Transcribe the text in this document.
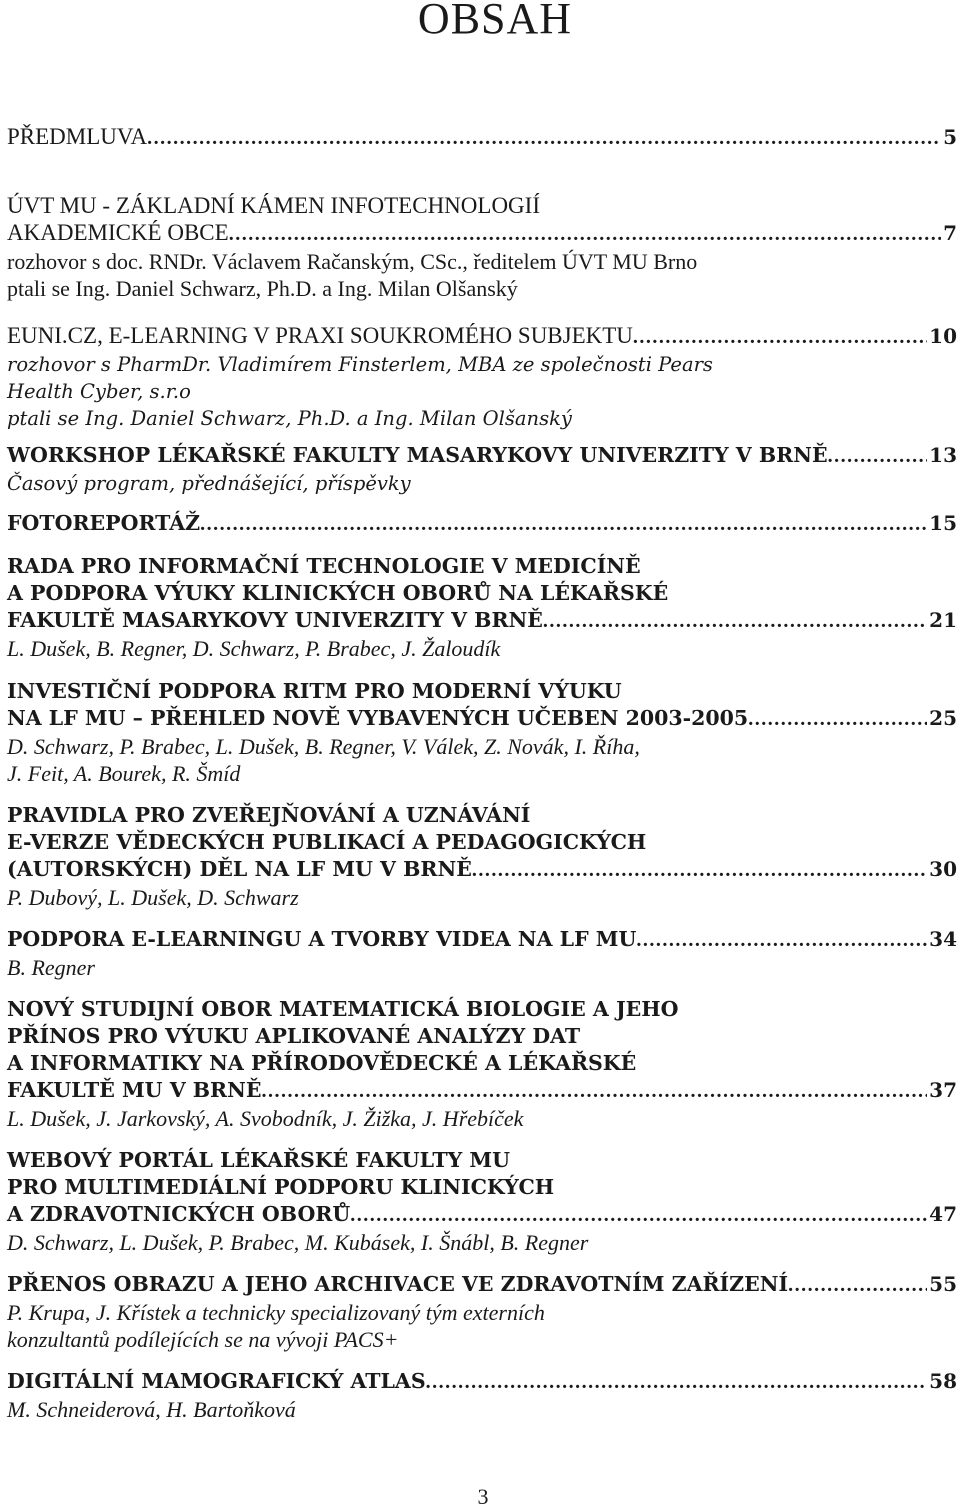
OBSAH
PŘEDMLUVA .....	5
ÚVT MU - ZÁKLADNÍ KÁMEN INFOTECHNOLOGIÍ
AKADEMICKÉ OBCE .....	7
rozhovor s doc. RNDr. Václavem Račanským, CSc., ředitelem ÚVT MU Brno
ptali se Ing. Daniel Schwarz, Ph.D. a Ing. Milan Olšanský
EUNI.CZ, E-LEARNING V PRAXI SOUKROMÉHO SUBJEKTU .....	10
rozhovor s PharmDr. Vladimírem Finsterlem, MBA ze společnosti Pears
Health Cyber, s.r.o
ptali se Ing. Daniel Schwarz, Ph.D. a Ing. Milan Olšanský
WORKSHOP LÉKAŘSKÉ FAKULTY MASARYKOVY UNIVERZITY V BRNĚ .....	13
Časový program, přednášející, příspěvky
FOTOREPORTÁŽ .....	15
RADA PRO INFORMAČNÍ TECHNOLOGIE V MEDICÍNĚ
A PODPORA VÝUKY KLINICKÝCH OBORŮ NA LÉKAŘSKÉ
FAKULTĚ MASARYKOVY UNIVERZITY V BRNĚ .....	21
L. Dušek, B. Regner, D. Schwarz, P. Brabec, J. Žaloudík
INVESTIČNÍ PODPORA RITM PRO MODERNÍ VÝUKU
NA LF MU – PŘEHLED NOVĚ VYBAVENÝCH UČEBEN 2003-2005 .....	25
D. Schwarz, P. Brabec, L. Dušek, B. Regner, V. Válek, Z. Novák, I. Říha,
J. Feit, A. Bourek, R. Šmíd
PRAVIDLA PRO ZVEŘEJŇOVÁNÍ A UZNÁVÁNÍ
E-VERZE VĚDECKÝCH PUBLIKACÍ A PEDAGOGICKÝCH
(AUTORSKÝCH) DĚL NA LF MU V BRNĚ .....	30
P. Dubový, L. Dušek, D. Schwarz
PODPORA E-LEARNINGU A TVORBY VIDEA NA LF MU .....	34
B. Regner
NOVÝ STUDIJNÍ OBOR MATEMATICKÁ BIOLOGIE A JEHO
PŘÍNOS PRO VÝUKU APLIKOVANÉ ANALÝZY DAT
A INFORMATIKY NA PŘÍRODOVĚDECKÉ A LÉKAŘSKÉ
FAKULTĚ MU V BRNĚ .....	37
L. Dušek, J. Jarkovský, A. Svobodník, J. Žižka, J. Hřebíček
WEBOVÝ PORTÁL LÉKAŘSKÉ FAKULTY MU
PRO MULTIMEDIÁLNÍ PODPORU KLINICKÝCH
A ZDRAVOTNICKÝCH OBORŮ .....	47
D. Schwarz, L. Dušek, P. Brabec, M. Kubásek, I. Šnábl, B. Regner
PŘENOS OBRAZU A JEHO ARCHIVACE VE ZDRAVOTNÍM ZAŘÍZENÍ .....	55
P. Krupa, J. Křístek a technicky specializovaný tým externích
konzultantů podílejících se na vývoji PACS+
DIGITÁLNÍ MAMOGRAFICKÝ ATLAS .....	58
M. Schneiderová, H. Bartoňková
3
